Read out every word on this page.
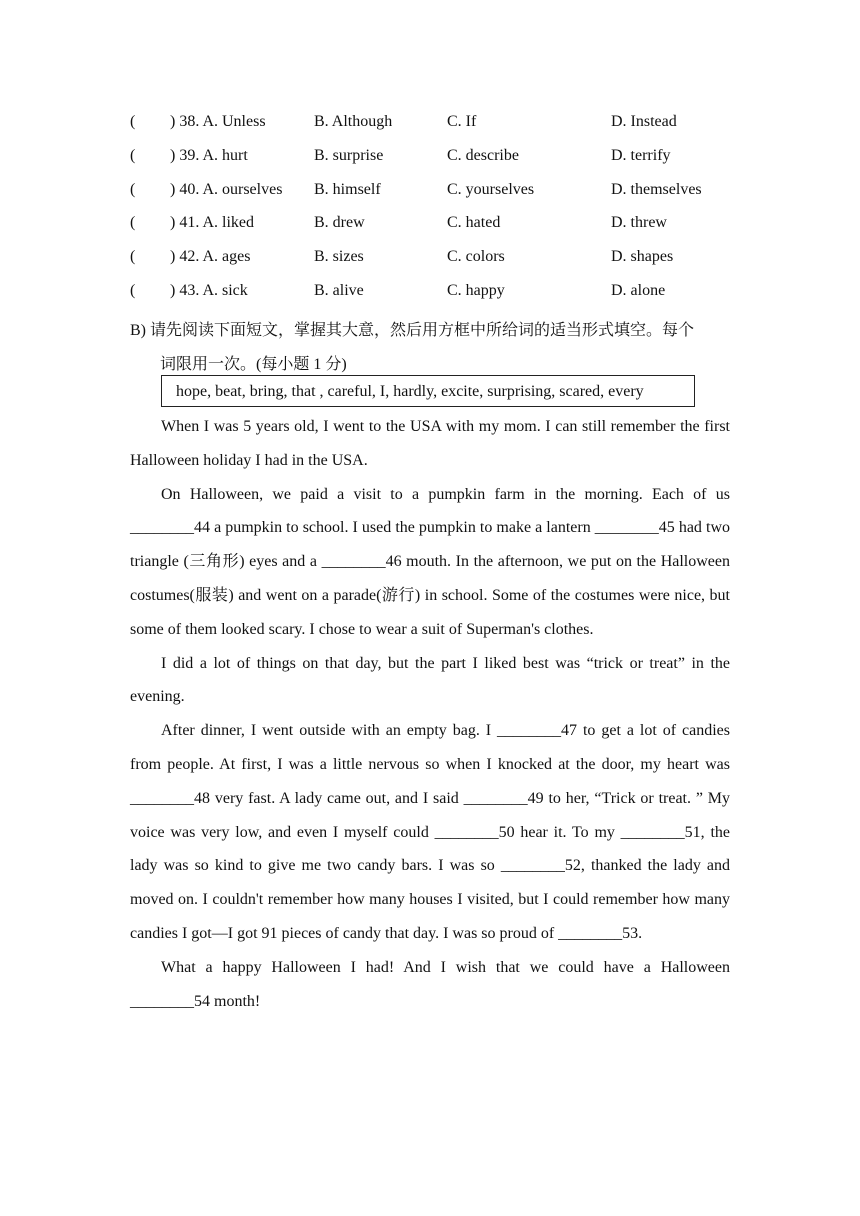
( ) 38. A. Unless	B. Although	C. If	D. Instead
( ) 39. A. hurt	B. surprise	C. describe	D. terrify
( ) 40. A. ourselves B. himself	C. yourselves	D. themselves
( ) 41. A. liked	B. drew	C. hated	D. threw
( ) 42. A. ages	B. sizes	C. colors	D. shapes
( ) 43. A. sick	B. alive	C. happy	D. alone
B) 请先阅读下面短文，掌握其大意，然后用方框中所给词的适当形式填空。每个
词限用一次。(每小题 1 分)
hope, beat, bring, that , careful, I, hardly, excite, surprising, scared, every

When I was 5 years old, I went to the USA with my mom. I can still remember the first Halloween holiday I had in the USA.

On Halloween, we paid a visit to a pumpkin farm in the morning. Each of us ________44 a pumpkin to school. I used the pumpkin to make a lantern ________45 had two triangle (三角形) eyes and a ________46 mouth. In the afternoon, we put on the Halloween costumes(服装) and went on a parade(游行) in school. Some of the costumes were nice, but some of them looked scary. I chose to wear a suit of Superman's clothes.

I did a lot of things on that day, but the part I liked best was “trick or treat” in the evening.

After dinner, I went outside with an empty bag. I ________47 to get a lot of candies from people. At first, I was a little nervous so when I knocked at the door, my heart was ________48 very fast. A lady came out, and I said ________49 to her, “Trick or treat. ” My voice was very low, and even I myself could ________50 hear it. To my ________51, the lady was so kind to give me two candy bars. I was so ________52, thanked the lady and moved on. I couldn't remember how many houses I visited, but I could remember how many candies I got—I got 91 pieces of candy that day. I was so proud of ________53.

What a happy Halloween I had! And I wish that we could have a Halloween ________54 month!
